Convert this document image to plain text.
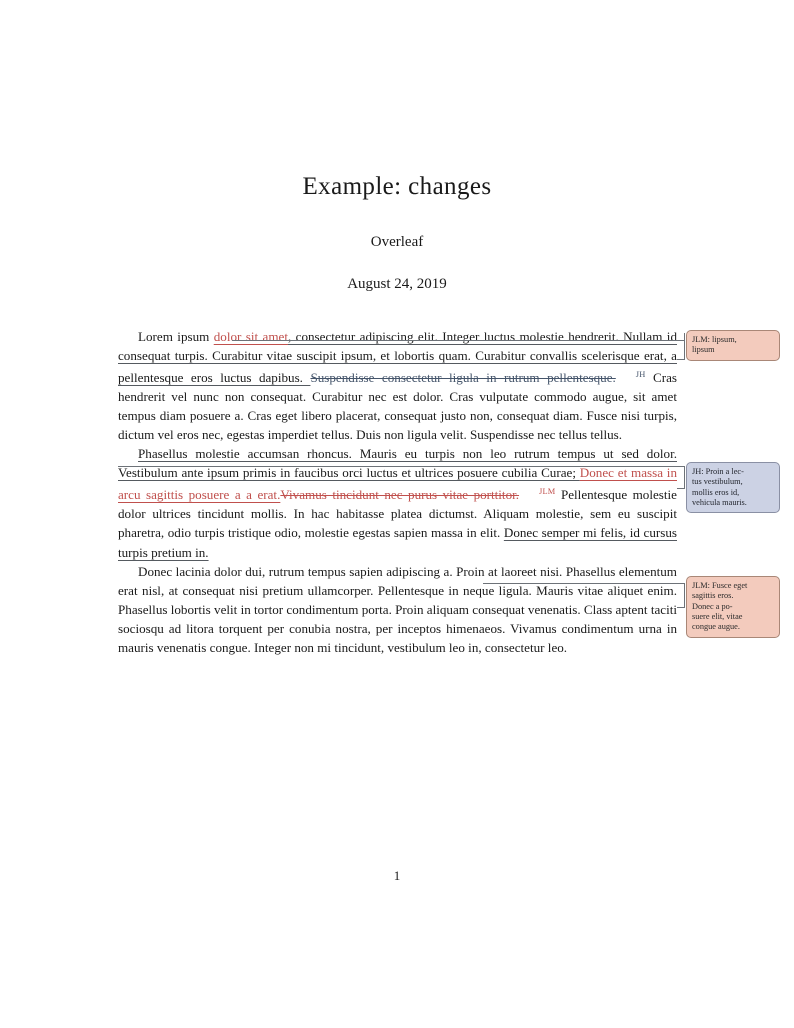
Example: changes

Overleaf

August 24, 2019

Lorem ipsum dolor sit amet, consectetur adipiscing elit. Integer luctus molestie hendrerit. Nullam id consequat turpis. Curabitur vitae suscipit ipsum, et lobortis quam. Curabitur convallis scelerisque erat, a pellentesque eros luctus dapibus. Suspendisse consectetur ligula in rutrum pellentesque. JH Cras hendrerit vel nunc non consequat. Curabitur nec est dolor. Cras vulputate commodo augue, sit amet tempus diam posuere a. Cras eget libero placerat, consequat justo non, consequat diam. Fusce nisi turpis, dictum vel eros nec, egestas imperdiet tellus. Duis non ligula velit. Suspendisse nec tellus tellus.

Phasellus molestie accumsan rhoncus. Mauris eu turpis non leo rutrum tempus ut sed dolor. Vestibulum ante ipsum primis in faucibus orci luctus et ultrices posuere cubilia Curae; Donec et massa in arcu sagittis posuere a a erat.Vivamus tincidunt nec purus vitae porttitor. JLM Pellentesque molestie dolor ultrices tincidunt mollis. In hac habitasse platea dictumst. Aliquam molestie, sem eu suscipit pharetra, odio turpis tristique odio, molestie egestas sapien massa in elit. Donec semper mi felis, id cursus turpis pretium in.

Donec lacinia dolor dui, rutrum tempus sapien adipiscing a. Proin at laoreet nisi. Phasellus elementum erat nisl, at consequat nisi pretium ullamcorper. Pellentesque in neque ligula. Mauris vitae aliquet enim. Phasellus lobortis velit in tortor condimentum porta. Proin aliquam consequat venenatis. Class aptent taciti sociosqu ad litora torquent per conubia nostra, per inceptos himenaeos. Vivamus condimentum urna in mauris venenatis congue. Integer non mi tincidunt, vestibulum leo in, consectetur leo.

JLM: lipsum,
lipsum
JH: Proin a lec-
tus vestibulum,
mollis eros id,
vehicula mauris.
JLM: Fusce eget
sagittis eros.
Donec a po-
suere elit, vitae
congue augue.
1
